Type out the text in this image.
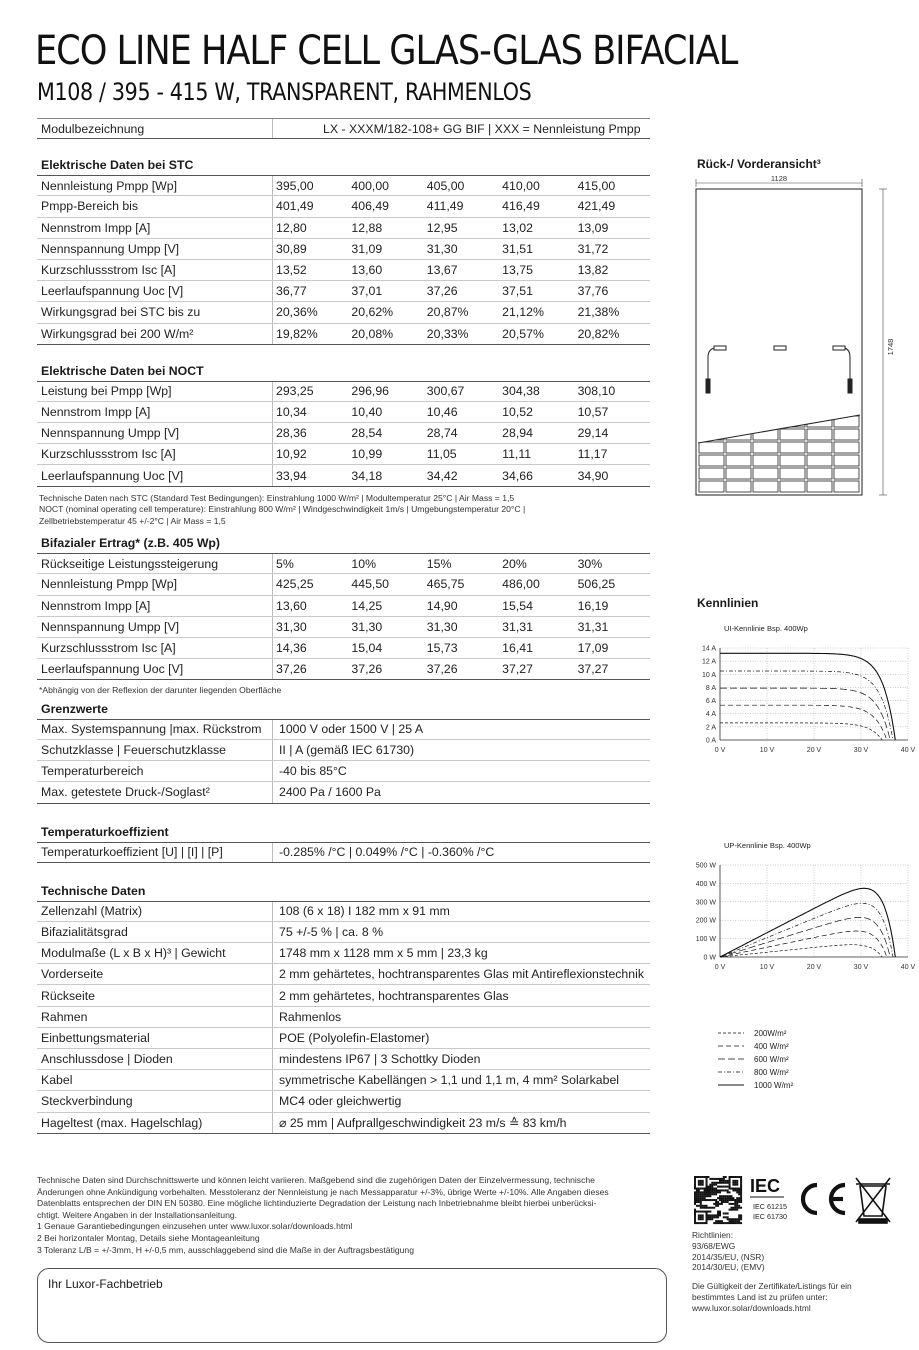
ECO LINE HALF CELL GLAS-GLAS BIFACIAL
M108 / 395 - 415 W, TRANSPARENT, RAHMENLOS
Modulbezeichnung	LX - XXXM/182-108+ GG BIF | XXX = Nennleistung Pmpp
Elektrische Daten bei STC
Nennleistung Pmpp [Wp]	395,00	400,00	405,00	410,00	415,00
Pmpp-Bereich bis	401,49	406,49	411,49	416,49	421,49
Nennstrom Impp [A]	12,80	12,88	12,95	13,02	13,09
Nennspannung Umpp [V]	30,89	31,09	31,30	31,51	31,72
Kurzschlussstrom Isc [A]	13,52	13,60	13,67	13,75	13,82
Leerlaufspannung Uoc [V]	36,77	37,01	37,26	37,51	37,76
Wirkungsgrad bei STC bis zu	20,36%	20,62%	20,87%	21,12%	21,38%
Wirkungsgrad bei 200 W/m²	19,82%	20,08%	20,33%	20,57%	20,82%
Elektrische Daten bei NOCT
Leistung bei Pmpp [Wp]	293,25	296,96	300,67	304,38	308,10
Nennstrom Impp [A]	10,34	10,40	10,46	10,52	10,57
Nennspannung Umpp [V]	28,36	28,54	28,74	28,94	29,14
Kurzschlussstrom Isc [A]	10,92	10,99	11,05	11,11	11,17
Leerlaufspannung Uoc [V]	33,94	34,18	34,42	34,66	34,90
Technische Daten nach STC (Standard Test Bedingungen): Einstrahlung 1000 W/m² | Modultemperatur 25°C | Air Mass = 1,5
NOCT (nominal operating cell temperature): Einstrahlung 800 W/m² | Windgeschwindigkeit 1m/s | Umgebungstemperatur 20°C |
Zellbetriebstemperatur 45 +/-2°C | Air Mass = 1,5
Bifazialer Ertrag* (z.B. 405 Wp)
Rückseitige Leistungssteigerung	5%	10%	15%	20%	30%
Nennleistung Pmpp [Wp]	425,25	445,50	465,75	486,00	506,25
Nennstrom Impp [A]	13,60	14,25	14,90	15,54	16,19
Nennspannung Umpp [V]	31,30	31,30	31,30	31,31	31,31
Kurzschlussstrom Isc [A]	14,36	15,04	15,73	16,41	17,09
Leerlaufspannung Uoc [V]	37,26	37,26	37,26	37,27	37,27
*Abhängig von der Reflexion der darunter liegenden Oberfläche
Grenzwerte
Max. Systemspannung |max. Rückstrom	1000 V oder 1500 V | 25 A
Schutzklasse | Feuerschutzklasse	II | A (gemäß IEC 61730)
Temperaturbereich	-40 bis 85°C
Max. getestete Druck-/Soglast²	2400 Pa / 1600 Pa
Temperaturkoeffizient
Temperaturkoeffizient [U] | [I] | [P]	-0.285% /°C | 0.049% /°C | -0.360% /°C
Technische Daten
Zellenzahl (Matrix)	108 (6 x 18) I 182 mm x 91 mm
Bifazialitätsgrad	75 +/-5 % | ca. 8 %
Modulmaße (L x B x H)³ | Gewicht	1748 mm x 1128 mm x 5 mm | 23,3 kg
Vorderseite	2 mm gehärtetes, hochtransparentes Glas mit Antireflexionstechnik
Rückseite	2 mm gehärtetes, hochtransparentes Glas
Rahmen	Rahmenlos
Einbettungsmaterial	POE (Polyolefin-Elastomer)
Anschlussdose | Dioden	mindestens IP67 | 3 Schottky Dioden
Kabel	symmetrische Kabellängen > 1,1 und 1,1 m, 4 mm² Solarkabel
Steckverbindung	MC4 oder gleichwertig
Hageltest (max. Hagelschlag)	⌀ 25 mm | Aufprallgeschwindigkeit 23 m/s ≙ 83 km/h
Technische Daten sind Durchschnittswerte und können leicht variieren. Maßgebend sind die zugehörigen Daten der Einzelvermessung, technische
Änderungen ohne Ankündigung vorbehalten. Messtoleranz der Nennleistung je nach Messapparatur +/-3%, übrige Werte +/-10%. Alle Angaben dieses
Datenblatts entsprechen der DIN EN 50380. Eine mögliche lichtinduzierte Degradation der Leistung nach Inbetriebnahme bleibt hierbei unberücksi-
chtigt. Weitere Angaben in der Installationsanleitung.
1 Genaue Garantiebedingungen einzusehen unter www.luxor.solar/downloads.html
2 Bei horizontaler Montag, Details siehe Montageanleitung
3 Toleranz L/B = +/-3mm, H +/-0,5 mm, ausschlaggebend sind die Maße in der Auftragsbestätigung
Ihr Luxor-Fachbetrieb
Rück-/ Vorderansicht³
1128
1748
Kennlinien
UI-Kennlinie Bsp. 400Wp
0 A
2 A
4 A
6 A
8 A
10 A
12 A
14 A
0 V	10 V	20 V	30 V	40 V
UP-Kennlinie Bsp. 400Wp
0 W
100 W
200 W
300 W
400 W
500 W
0 V	10 V	20 V	30 V	40 V
200W/m²
400 W/m²
600 W/m²
800 W/m²
1000 W/m²
IEC
IEC 61215
IEC 61730
Richtlinien:
93/68/EWG
2014/35/EU, (NSR)
2014/30/EU, (EMV)
Die Gültigkeit der Zertifikate/Listings für ein
bestimmtes Land ist zu prüfen unter:
www.luxor.solar/downloads.html
